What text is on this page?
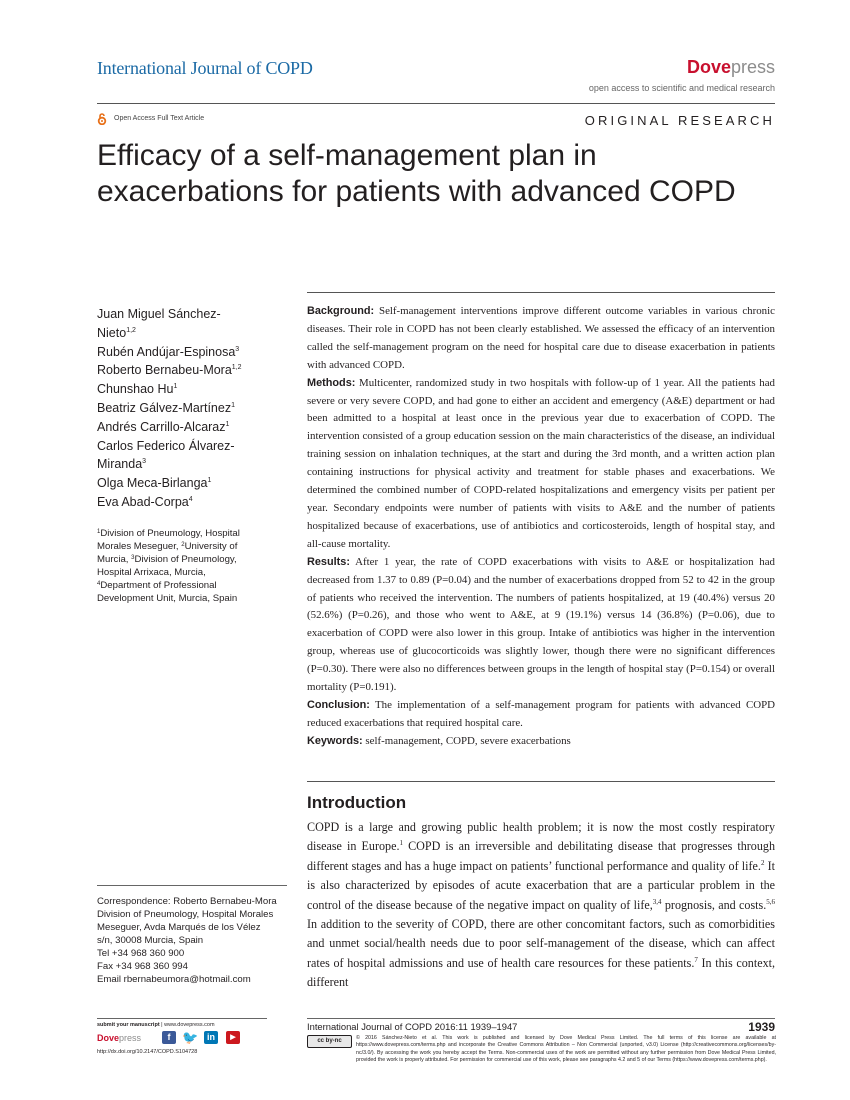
International Journal of COPD	Dovepress
open access to scientific and medical research
Open Access Full Text Article	ORIGINAL RESEARCH
Efficacy of a self-management plan in
exacerbations for patients with advanced COPD
Juan Miguel Sánchez-
Nieto$^{1,2}$
Rubén Andújar-Espinosa$^3$
Roberto Bernabeu-Mora$^{1,2}$
Chunshao Hu$^1$
Beatriz Gálvez-Martínez$^1$
Andrés Carrillo-Alcaraz$^1$
Carlos Federico Álvarez-
Miranda$^3$
Olga Meca-Birlanga$^1$
Eva Abad-Corpa$^4$
$^1$Division of Pneumology, Hospital
Morales Meseguer, $^2$University of
Murcia, $^3$Division of Pneumology,
Hospital Arrixaca, Murcia,
$^4$Department of Professional
Development Unit, Murcia, Spain
Correspondence: Roberto Bernabeu-Mora
Division of Pneumology, Hospital Morales
Meseguer, Avda Marqués de los Vélez
s/n, 30008 Murcia, Spain
Tel +34 968 360 900
Fax +34 968 360 994
Email rbernabeumora@hotmail.com

Background: Self-management interventions improve different outcome variables in various chronic diseases. Their role in COPD has not been clearly established. We assessed the efficacy of an intervention called the self-management program on the need for hospital care due to disease exacerbation in patients with advanced COPD.

Methods: Multicenter, randomized study in two hospitals with follow-up of 1 year. All the patients had severe or very severe COPD, and had gone to either an accident and emergency (A&E) department or had been admitted to a hospital at least once in the previous year due to exacerbation of COPD. The intervention consisted of a group education session on the main characteristics of the disease, an individual training session on inhalation techniques, at the start and during the 3rd month, and a written action plan containing instructions for physical activity and treatment for stable phases and exacerbations. We determined the combined number of COPD-related hospitalizations and emergency visits per patient per year. Secondary endpoints were number of patients with visits to A&E and the number of patients hospitalized because of exacerbations, use of antibiotics and corticosteroids, length of hospital stay, and all-cause mortality.

Results: After 1 year, the rate of COPD exacerbations with visits to A&E or hospitalization had decreased from 1.37 to 0.89 (P=0.04) and the number of exacerbations dropped from 52 to 42 in the group of patients who received the intervention. The numbers of patients hospitalized, at 19 (40.4%) versus 20 (52.6%) (P=0.26), and those who went to A&E, at 9 (19.1%) versus 14 (36.8%) (P=0.06), due to exacerbation of COPD were also lower in this group. Intake of antibiotics was higher in the intervention group, whereas use of glucocorticoids was slightly lower, though there were no significant differences (P=0.30). There were also no differences between groups in the length of hospital stay (P=0.154) or overall mortality (P=0.191).

Conclusion: The implementation of a self-management program for patients with advanced COPD reduced exacerbations that required hospital care.

Keywords: self-management, COPD, severe exacerbations

Introduction
COPD is a large and growing public health problem; it is now the most costly respiratory disease in Europe.$^1$ COPD is an irreversible and debilitating disease that progresses through different stages and has a huge impact on patients’ functional performance and quality of life.$^2$ It is also characterized by episodes of acute exacerbation that are a particular problem in the control of the disease because of the negative impact on quality of life,$^{3,4}$ prognosis, and costs.$^{5,6}$ In addition to the severity of COPD, there are other concomitant factors, such as comorbidities and unmet social/health needs due to poor self-management of the disease, which can affect rates of hospital admissions and use of health care resources for these patients.$^7$ In this context, different
submit your manuscript | www.dovepress.com
Dovepress	f 🐦 in	▶
http://dx.doi.org/10.2147/COPD.S104728
International Journal of COPD 2016:11 1939–1947	1939
cc by-nc	© 2016 Sánchez-Nieto et al. This work is published and licensed by Dove Medical Press Limited. The full terms of this license are available at https://www.dovepress.com/terms.php and incorporate the Creative Commons Attribution – Non Commercial (unported, v3.0) License (http://creativecommons.org/licenses/by-nc/3.0/). By accessing the work you hereby accept the Terms. Non-commercial uses of the work are permitted without any further permission from Dove Medical Press Limited, provided the work is properly attributed. For permission for commercial use of this work, please see paragraphs 4.2 and 5 of our Terms (https://www.dovepress.com/terms.php).
